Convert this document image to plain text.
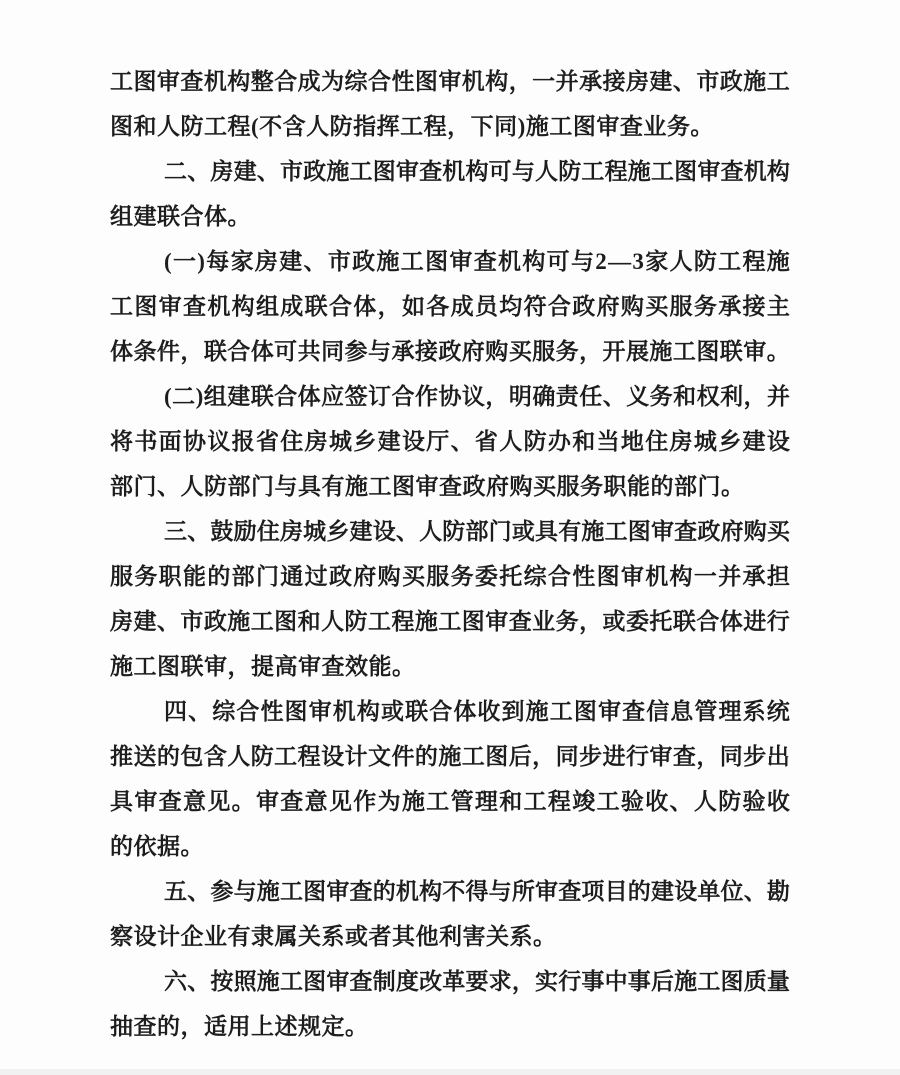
工 图 审 查 机 构 整 合 成 为 综 合 性 图 审 机 构 ， 一 并 承 接 房 建 、 市 政 施 工
图和人防工程(不含人防指挥工程，下同)施工图审查业务。
二 、 房 建 、 市 政 施 工 图 审 查 机 构 可 与 人 防 工 程 施 工 图 审 查 机 构
组建联合体。
( 一 ) 每 家 房 建 、 市 政 施 工 图 审 查 机 构 可 与 2 — 3 家 人 防 工 程 施
工 图 审 查 机 构 组 成 联 合 体 ， 如 各 成 员 均 符 合 政 府 购 买 服 务 承 接 主
体 条 件 ， 联 合 体 可 共 同 参 与 承 接 政 府 购 买 服 务 ， 开 展 施 工 图 联 审 。
( 二 ) 组 建 联 合 体 应 签 订 合 作 协 议 ， 明 确 责 任 、 义 务 和 权 利 ， 并
将 书 面 协 议 报 省 住 房 城 乡 建 设 厅 、 省 人 防 办 和 当 地 住 房 城 乡 建 设
部门、人防部门与具有施工图审查政府购买服务职能的部门。
三 、 鼓 励 住 房 城 乡 建 设 、 人 防 部 门 或 具 有 施 工 图 审 查 政 府 购 买
服 务 职 能 的 部 门 通 过 政 府 购 买 服 务 委 托 综 合 性 图 审 机 构 一 并 承 担
房 建 、 市 政 施 工 图 和 人 防 工 程 施 工 图 审 查 业 务 ， 或 委 托 联 合 体 进 行
施工图联审，提高审查效能。
四 、 综 合 性 图 审 机 构 或 联 合 体 收 到 施 工 图 审 查 信 息 管 理 系 统
推 送 的 包 含 人 防 工 程 设 计 文 件 的 施 工 图 后 ， 同 步 进 行 审 查 ， 同 步 出
具 审 查 意 见 。 审 查 意 见 作 为 施 工 管 理 和 工 程 竣 工 验 收 、 人 防 验 收
的依据。
五 、 参 与 施 工 图 审 查 的 机 构 不 得 与 所 审 查 项 目 的 建 设 单 位 、 勘
察设计企业有隶属关系或者其他利害关系。
六 、 按 照 施 工 图 审 查 制 度 改 革 要 求 ， 实 行 事 中 事 后 施 工 图 质 量
抽查的，适用上述规定。
